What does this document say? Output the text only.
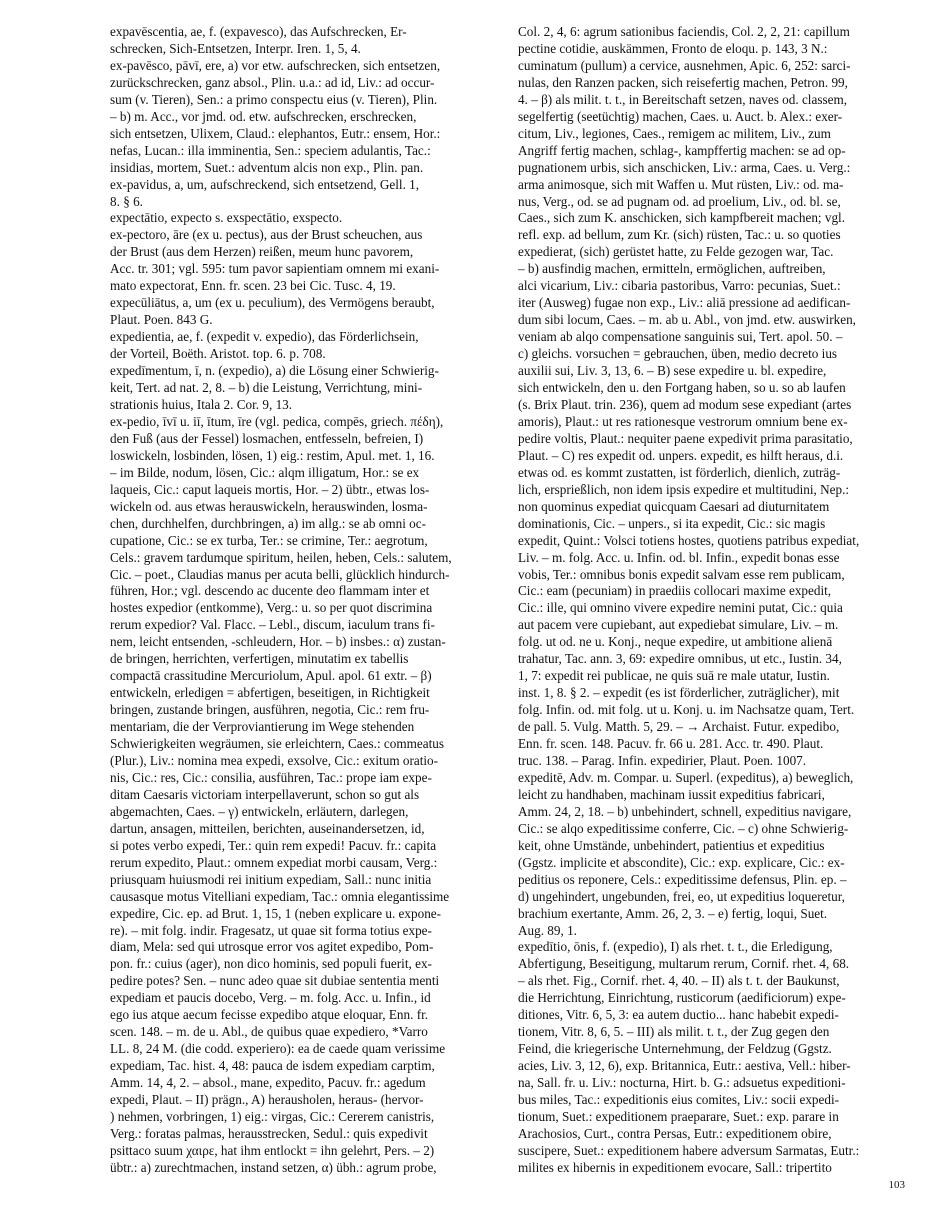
expavēscentia, ae, f. (expavesco), das Aufschrecken, Er-
schrecken, Sich-Entsetzen, Interpr. Iren. 1, 5, 4.
ex-pavēsco, pāvī, ere, a) vor etw. aufschrecken, sich entsetzen,
zurückschrecken, ganz absol., Plin. u.a.: ad id, Liv.: ad occur-
sum (v. Tieren), Sen.: a primo conspectu eius (v. Tieren), Plin.
– b) m. Acc., vor jmd. od. etw. aufschrecken, erschrecken,
sich entsetzen, Ulixem, Claud.: elephantos, Eutr.: ensem, Hor.:
nefas, Lucan.: illa imminentia, Sen.: speciem adulantis, Tac.:
insidias, mortem, Suet.: adventum alcis non exp., Plin. pan.
ex-pavidus, a, um, aufschreckend, sich entsetzend, Gell. 1,
8. § 6.
expectātio, expecto s. exspectātio, exspecto.
ex-pectoro, āre (ex u. pectus), aus der Brust scheuchen, aus
der Brust (aus dem Herzen) reißen, meum hunc pavorem,
Acc. tr. 301; vgl. 595: tum pavor sapientiam omnem mi exani-
mato expectorat, Enn. fr. scen. 23 bei Cic. Tusc. 4, 19.
expecūliātus, a, um (ex u. peculium), des Vermögens beraubt,
Plaut. Poen. 843 G.
expedientia, ae, f. (expedit v. expedio), das Förderlichsein,
der Vorteil, Boëth. Aristot. top. 6. p. 708.
expedīmentum, ī, n. (expedio), a) die Lösung einer Schwierig-
keit, Tert. ad nat. 2, 8. – b) die Leistung, Verrichtung, mini-
strationis huius, Itala 2. Cor. 9, 13.
ex-pedio, īvī u. iī, ītum, īre (vgl. pedica, compēs, griech. πέδη),
den Fuß (aus der Fessel) losmachen, entfesseln, befreien, I)
loswickeln, losbinden, lösen, 1) eig.: restim, Apul. met. 1, 16.
– im Bilde, nodum, lösen, Cic.: alqm illigatum, Hor.: se ex
laqueis, Cic.: caput laqueis mortis, Hor. – 2) übtr., etwas los-
wickeln od. aus etwas herauswickeln, herauswinden, losma-
chen, durchhelfen, durchbringen, a) im allg.: se ab omni oc-
cupatione, Cic.: se ex turba, Ter.: se crimine, Ter.: aegrotum,
Cels.: gravem tardumque spiritum, heilen, heben, Cels.: salutem,
Cic. – poet., Claudias manus per acuta belli, glücklich hindurch-
führen, Hor.; vgl. descendo ac ducente deo flammam inter et
hostes expedior (entkomme), Verg.: u. so per quot discrimina
rerum expedior? Val. Flacc. – Lebl., discum, iaculum trans fi-
nem, leicht entsenden, -schleudern, Hor. – b) insbes.: α) zustan-
de bringen, herrichten, verfertigen, minutatim ex tabellis
compactā crassitudine Mercuriolum, Apul. apol. 61 extr. – β)
entwickeln, erledigen = abfertigen, beseitigen, in Richtigkeit
bringen, zustande bringen, ausführen, negotia, Cic.: rem fru-
mentariam, die der Verproviantierung im Wege stehenden
Schwierigkeiten wegräumen, sie erleichtern, Caes.: commeatus
(Plur.), Liv.: nomina mea expedi, exsolve, Cic.: exitum oratio-
nis, Cic.: res, Cic.: consilia, ausführen, Tac.: prope iam expe-
ditam Caesaris victoriam interpellaverunt, schon so gut als
abgemachten, Caes. – γ) entwickeln, erläutern, darlegen,
dartun, ansagen, mitteilen, berichten, auseinandersetzen, id,
si potes verbo expedi, Ter.: quin rem expedi! Pacuv. fr.: capita
rerum expedito, Plaut.: omnem expediat morbi causam, Verg.:
priusquam huiusmodi rei initium expediam, Sall.: nunc initia
causasque motus Vitelliani expediam, Tac.: omnia elegantissime
expedire, Cic. ep. ad Brut. 1, 15, 1 (neben explicare u. expone-
re). – mit folg. indir. Fragesatz, ut quae sit forma totius expe-
diam, Mela: sed qui utrosque error vos agitet expedibo, Pom-
pon. fr.: cuius (ager), non dico hominis, sed populi fuerit, ex-
pedire potes? Sen. – nunc adeo quae sit dubiae sententia menti
expediam et paucis docebo, Verg. – m. folg. Acc. u. Infin., id
ego ius atque aecum fecisse expedibo atque eloquar, Enn. fr.
scen. 148. – m. de u. Abl., de quibus quae expediero, *Varro
LL. 8, 24 M. (die codd. experiero): ea de caede quam verissime
expediam, Tac. hist. 4, 48: pauca de isdem expediam carptim,
Amm. 14, 4, 2. – absol., mane, expedito, Pacuv. fr.: agedum
expedi, Plaut. – II) prägn., A) herausholen, heraus- (hervor-
) nehmen, vorbringen, 1) eig.: virgas, Cic.: Cererem canistris,
Verg.: foratas palmas, herausstrecken, Sedul.: quis expedivit
psittaco suum χαιρε, hat ihm entlockt = ihn gelehrt, Pers. – 2)
übtr.: a) zurechtmachen, instand setzen, α) übh.: agrum probe,
Col. 2, 4, 6: agrum sationibus faciendis, Col. 2, 2, 21: capillum
pectine cotidie, auskämmen, Fronto de eloqu. p. 143, 3 N.:
cuminatum (pullum) a cervice, ausnehmen, Apic. 6, 252: sarci-
nulas, den Ranzen packen, sich reisefertig machen, Petron. 99,
4. – β) als milit. t. t., in Bereitschaft setzen, naves od. classem,
segelfertig (seetüchtig) machen, Caes. u. Auct. b. Alex.: exer-
citum, Liv., legiones, Caes., remigem ac militem, Liv., zum
Angriff fertig machen, schlag-, kampffertig machen: se ad op-
pugnationem urbis, sich anschicken, Liv.: arma, Caes. u. Verg.:
arma animosque, sich mit Waffen u. Mut rüsten, Liv.: od. ma-
nus, Verg., od. se ad pugnam od. ad proelium, Liv., od. bl. se,
Caes., sich zum K. anschicken, sich kampfbereit machen; vgl.
refl. exp. ad bellum, zum Kr. (sich) rüsten, Tac.: u. so quoties
expedierat, (sich) gerüstet hatte, zu Felde gezogen war, Tac.
– b) ausfindig machen, ermitteln, ermöglichen, auftreiben,
alci vicarium, Liv.: cibaria pastoribus, Varro: pecunias, Suet.:
iter (Ausweg) fugae non exp., Liv.: aliā pressione ad aedifican-
dum sibi locum, Caes. – m. ab u. Abl., von jmd. etw. auswirken,
veniam ab alqo compensatione sanguinis sui, Tert. apol. 50. –
c) gleichs. vorsuchen = gebrauchen, üben, medio decreto ius
auxilii sui, Liv. 3, 13, 6. – B) sese expedire u. bl. expedire,
sich entwickeln, den u. den Fortgang haben, so u. so ab laufen
(s. Brix Plaut. trin. 236), quem ad modum sese expediant (artes
amoris), Plaut.: ut res rationesque vestrorum omnium bene ex-
pedire voltis, Plaut.: nequiter paene expedivit prima parasitatio,
Plaut. – C) res expedit od. unpers. expedit, es hilft heraus, d.i.
etwas od. es kommt zustatten, ist förderlich, dienlich, zuträg-
lich, ersprießlich, non idem ipsis expedire et multitudini, Nep.:
non quominus expediat quicquam Caesari ad diuturnitatem
dominationis, Cic. – unpers., si ita expedit, Cic.: sic magis
expedit, Quint.: Volsci totiens hostes, quotiens patribus expediat,
Liv. – m. folg. Acc. u. Infin. od. bl. Infin., expedit bonas esse
vobis, Ter.: omnibus bonis expedit salvam esse rem publicam,
Cic.: eam (pecuniam) in praediis collocari maxime expedit,
Cic.: ille, qui omnino vivere expedire nemini putat, Cic.: quia
aut pacem vere cupiebant, aut expediebat simulare, Liv. – m.
folg. ut od. ne u. Konj., neque expedire, ut ambitione alienā
trahatur, Tac. ann. 3, 69: expedire omnibus, ut etc., Iustin. 34,
1, 7: expedit rei publicae, ne quis suā re male utatur, Iustin.
inst. 1, 8. § 2. – expedit (es ist förderlicher, zuträglicher), mit
folg. Infin. od. mit folg. ut u. Konj. u. im Nachsatze quam, Tert.
de pall. 5. Vulg. Matth. 5, 29. – → Archaist. Futur. expedibo,
Enn. fr. scen. 148. Pacuv. fr. 66 u. 281. Acc. tr. 490. Plaut.
truc. 138. – Parag. Infin. expedirier, Plaut. Poen. 1007.
expeditē, Adv. m. Compar. u. Superl. (expeditus), a) beweglich,
leicht zu handhaben, machinam iussit expeditius fabricari,
Amm. 24, 2, 18. – b) unbehindert, schnell, expeditius navigare,
Cic.: se alqo expeditissime conferre, Cic. – c) ohne Schwierig-
keit, ohne Umstände, unbehindert, patientius et expeditius
(Ggstz. implicite et abscondite), Cic.: exp. explicare, Cic.: ex-
peditius os reponere, Cels.: expeditissime defensus, Plin. ep. –
d) ungehindert, ungebunden, frei, eo, ut expeditius loqueretur,
brachium exertante, Amm. 26, 2, 3. – e) fertig, loqui, Suet.
Aug. 89, 1.
expedītio, ōnis, f. (expedio), I) als rhet. t. t., die Erledigung,
Abfertigung, Beseitigung, multarum rerum, Cornif. rhet. 4, 68.
– als rhet. Fig., Cornif. rhet. 4, 40. – II) als t. t. der Baukunst,
die Herrichtung, Einrichtung, rusticorum (aedificiorum) expe-
ditiones, Vitr. 6, 5, 3: ea autem ductio... hanc habebit expedi-
tionem, Vitr. 8, 6, 5. – III) als milit. t. t., der Zug gegen den
Feind, die kriegerische Unternehmung, der Feldzug (Ggstz.
acies, Liv. 3, 12, 6), exp. Britannica, Eutr.: aestiva, Vell.: hiber-
na, Sall. fr. u. Liv.: nocturna, Hirt. b. G.: adsuetus expeditioni-
bus miles, Tac.: expeditionis eius comites, Liv.: socii expedi-
tionum, Suet.: expeditionem praeparare, Suet.: exp. parare in
Arachosios, Curt., contra Persas, Eutr.: expeditionem obire,
suscipere, Suet.: expeditionem habere adversum Sarmatas, Eutr.:
milites ex hibernis in expeditionem evocare, Sall.: tripertito
103
